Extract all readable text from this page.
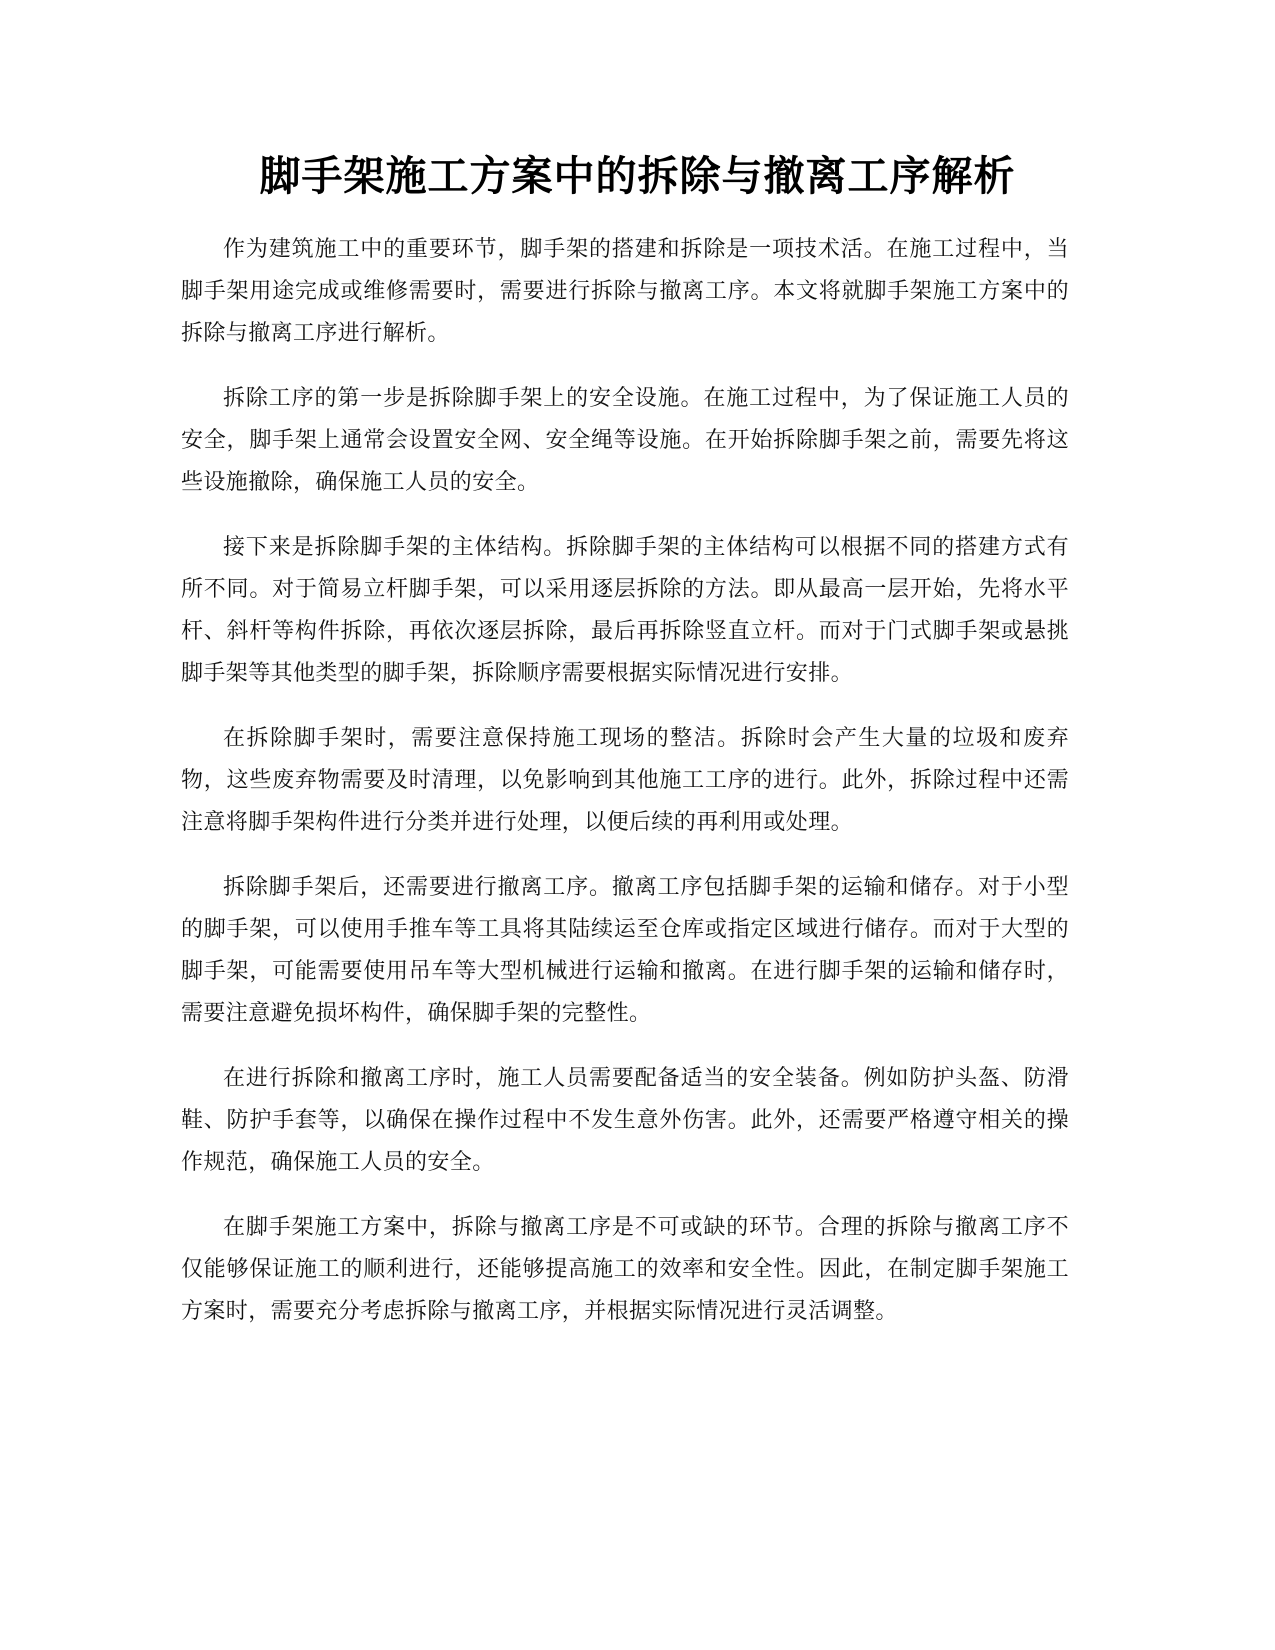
脚手架施工方案中的拆除与撤离工序解析

作为建筑施工中的重要环节，脚手架的搭建和拆除是一项技术活。在施工过程中，当脚手架用途完成或维修需要时，需要进行拆除与撤离工序。本文将就脚手架施工方案中的拆除与撤离工序进行解析。

拆除工序的第一步是拆除脚手架上的安全设施。在施工过程中，为了保证施工人员的安全，脚手架上通常会设置安全网、安全绳等设施。在开始拆除脚手架之前，需要先将这些设施撤除，确保施工人员的安全。

接下来是拆除脚手架的主体结构。拆除脚手架的主体结构可以根据不同的搭建方式有所不同。对于简易立杆脚手架，可以采用逐层拆除的方法。即从最高一层开始，先将水平杆、斜杆等构件拆除，再依次逐层拆除，最后再拆除竖直立杆。而对于门式脚手架或悬挑脚手架等其他类型的脚手架，拆除顺序需要根据实际情况进行安排。

在拆除脚手架时，需要注意保持施工现场的整洁。拆除时会产生大量的垃圾和废弃物，这些废弃物需要及时清理，以免影响到其他施工工序的进行。此外，拆除过程中还需注意将脚手架构件进行分类并进行处理，以便后续的再利用或处理。

拆除脚手架后，还需要进行撤离工序。撤离工序包括脚手架的运输和储存。对于小型的脚手架，可以使用手推车等工具将其陆续运至仓库或指定区域进行储存。而对于大型的脚手架，可能需要使用吊车等大型机械进行运输和撤离。在进行脚手架的运输和储存时，需要注意避免损坏构件，确保脚手架的完整性。

在进行拆除和撤离工序时，施工人员需要配备适当的安全装备。例如防护头盔、防滑鞋、防护手套等，以确保在操作过程中不发生意外伤害。此外，还需要严格遵守相关的操作规范，确保施工人员的安全。

在脚手架施工方案中，拆除与撤离工序是不可或缺的环节。合理的拆除与撤离工序不仅能够保证施工的顺利进行，还能够提高施工的效率和安全性。因此，在制定脚手架施工方案时，需要充分考虑拆除与撤离工序，并根据实际情况进行灵活调整。
